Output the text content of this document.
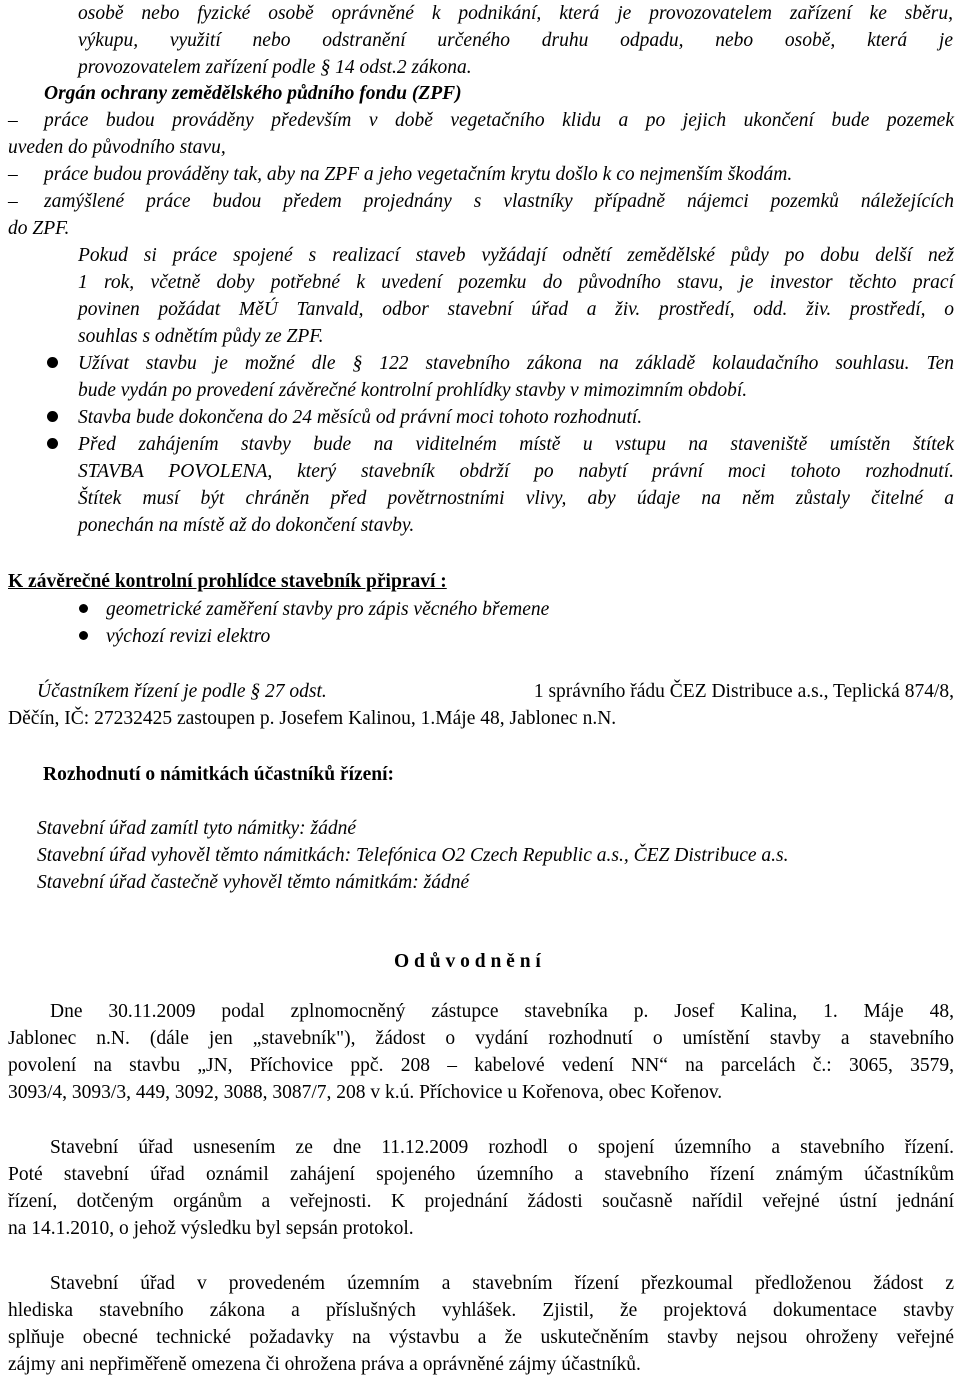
osobě nebo fyzické osobě oprávněné k podnikání, která je provozovatelem zařízení ke sběru,
výkupu, využití nebo odstranění určeného druhu odpadu, nebo osobě, která je
provozovatelem zařízení podle § 14 odst.2 zákona.
Orgán ochrany zemědělského půdního fondu (ZPF)
– práce budou prováděny především v době vegetačního klidu a po jejich ukončení bude pozemek
uveden do původního stavu,
– práce budou prováděny tak, aby na ZPF a jeho vegetačním krytu došlo k co nejmenším škodám.
– zamýšlené práce budou předem projednány s vlastníky případně nájemci pozemků náležejících
do ZPF.
Pokud si práce spojené s realizací staveb vyžádají odnětí zemědělské půdy po dobu delší než
1 rok, včetně doby potřebné k uvedení pozemku do původního stavu, je investor těchto prací
povinen požádat MěÚ Tanvald, odbor stavební úřad a živ. prostředí, odd. živ. prostředí, o
souhlas s odnětím půdy ze ZPF.
Užívat stavbu je možné dle § 122 stavebního zákona na základě kolaudačního souhlasu. Ten
bude vydán po provedení závěrečné kontrolní prohlídky stavby v mimozimním období.
Stavba bude dokončena do 24 měsíců od právní moci tohoto rozhodnutí.
Před zahájením stavby bude na viditelném místě u vstupu na staveniště umístěn štítek
STAVBA POVOLENA, který stavebník obdrží po nabytí právní moci tohoto rozhodnutí.
Štítek musí být chráněn před povětrnostními vlivy, aby údaje na něm zůstaly čitelné a
ponechán na místě až do dokončení stavby.
K závěrečné kontrolní prohlídce stavebník připraví :
geometrické zaměření stavby pro zápis věcného břemene
výchozí revizi elektro
Účastníkem řízení je podle § 27 odst.	1 správního řádu ČEZ Distribuce a.s., Teplická 874/8,
Děčín, IČ: 27232425 zastoupen p. Josefem Kalinou, 1.Máje 48, Jablonec n.N.
Rozhodnutí o námitkách účastníků řízení:
Stavební úřad zamítl tyto námitky: žádné
Stavební úřad vyhověl těmto námitkách: Telefónica O2 Czech Republic a.s., ČEZ Distribuce a.s.
Stavební úřad častečně vyhověl těmto námitkám: žádné
O d ů v o d n ě n í
Dne 30.11.2009 podal zplnomocněný zástupce stavebníka p. Josef Kalina, 1. Máje 48,
Jablonec n.N. (dále jen „stavebník"), žádost o vydání rozhodnutí o umístění stavby a stavebního
povolení na stavbu „JN, Příchovice ppč. 208 – kabelové vedení NN“ na parcelách č.: 3065, 3579,
3093/4, 3093/3, 449, 3092, 3088, 3087/7, 208 v k.ú. Příchovice u Kořenova, obec Kořenov.
Stavební úřad usnesením ze dne 11.12.2009 rozhodl o spojení územního a stavebního řízení.
Poté stavební úřad oznámil zahájení spojeného územního a stavebního řízení známým účastníkům
řízení, dotčeným orgánům a veřejnosti. K projednání žádosti současně nařídil veřejné ústní jednání
na 14.1.2010, o jehož výsledku byl sepsán protokol.
Stavební úřad v provedeném územním a stavebním řízení přezkoumal předloženou žádost z
hlediska stavebního zákona a příslušných vyhlášek. Zjistil, že projektová dokumentace stavby
splňuje obecné technické požadavky na výstavbu a že uskutečněním stavby nejsou ohroženy veřejné
zájmy ani nepřiměřeně omezena či ohrožena práva a oprávněné zájmy účastníků.
